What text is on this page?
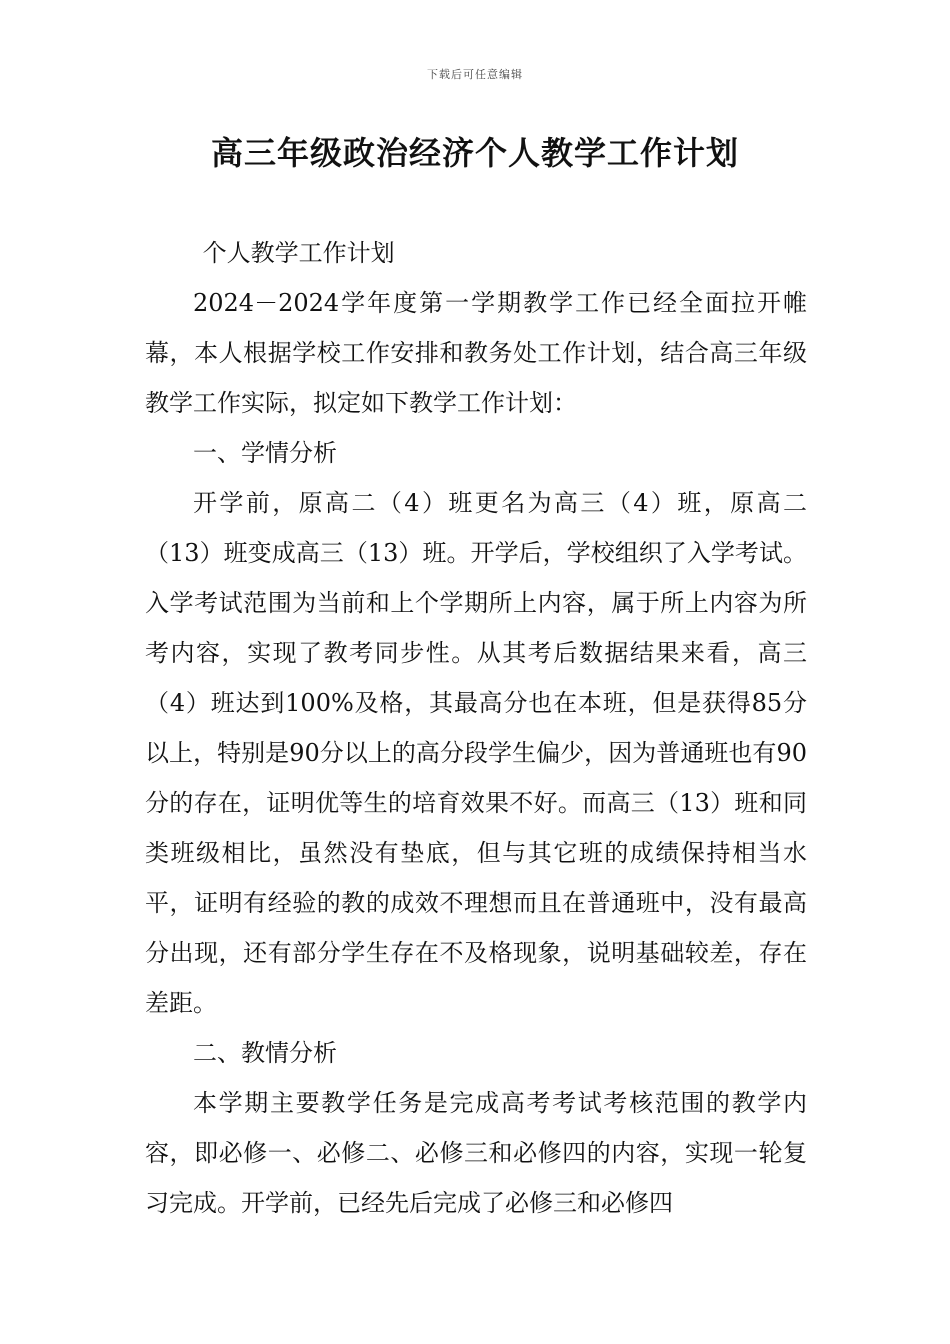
下载后可任意编辑
高三年级政治经济个人教学工作计划

个人教学工作计划

2024－2024学年度第一学期教学工作已经全面拉开帷幕，本人根据学校工作安排和教务处工作计划，结合高三年级教学工作实际，拟定如下教学工作计划：

一、学情分析

开学前，原高二（4）班更名为高三（4）班，原高二（13）班变成高三（13）班。开学后，学校组织了入学考试。入学考试范围为当前和上个学期所上内容，属于所上内容为所考内容，实现了教考同步性。从其考后数据结果来看，高三（4）班达到100%及格，其最高分也在本班，但是获得85分以上，特别是90分以上的高分段学生偏少，因为普通班也有90分的存在，证明优等生的培育效果不好。而高三（13）班和同类班级相比，虽然没有垫底，但与其它班的成绩保持相当水平，证明有经验的教的成效不理想而且在普通班中，没有最高分出现，还有部分学生存在不及格现象，说明基础较差，存在差距。

二、教情分析

本学期主要教学任务是完成高考考试考核范围的教学内容，即必修一、必修二、必修三和必修四的内容，实现一轮复习完成。开学前，已经先后完成了必修三和必修四
